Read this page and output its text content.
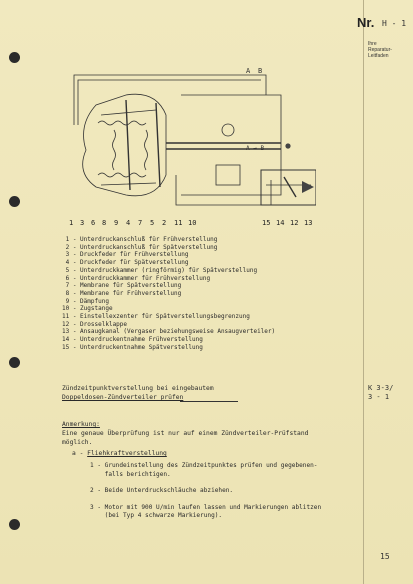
Nr. H - 1
Ihre
Reparatur-
Leitfaden
A B
A → B
1 3 6 8 9 4 7 5 2 11 10	15 14 12 13
1 - Unterdruckanschluß für Frühverstellung
2 - Unterdruckanschluß für Spätverstellung
3 - Druckfeder für Frühverstellung
4 - Druckfeder für Spätverstellung
5 - Unterdruckkammer (ringförmig) für Spätverstellung
6 - Unterdruckkammer für Frühverstellung
7 - Membrane für Spätverstellung
8 - Membrane für Frühverstellung
9 - Dämpfung
10 - Zugstange
11 - Einstellexzenter für Spätverstellungsbegrenzung
12 - Drosselklappe
13 - Ansaugkanal (Vergaser beziehungsweise Ansaugverteiler)
14 - Unterdruckentnahme Frühverstellung
15 - Unterdruckentnahme Spätverstellung
Zündzeitpunktverstellung bei eingebautem
Doppeldosen-Zündverteiler prüfen
K 3-3/
3 - 1
Anmerkung:
Eine genaue Überprüfung ist nur auf einem Zündverteiler-Prüfstand
möglich.
a - Fliehkraftverstellung
1 - Grundeinstellung des Zündzeitpunktes prüfen und gegebenen-
falls berichtigen.
2 - Beide Unterdruckschläuche abziehen.
3 - Motor mit 900 U/min laufen lassen und Markierungen ablitzen
(bei Typ 4 schwarze Markierung).
15
